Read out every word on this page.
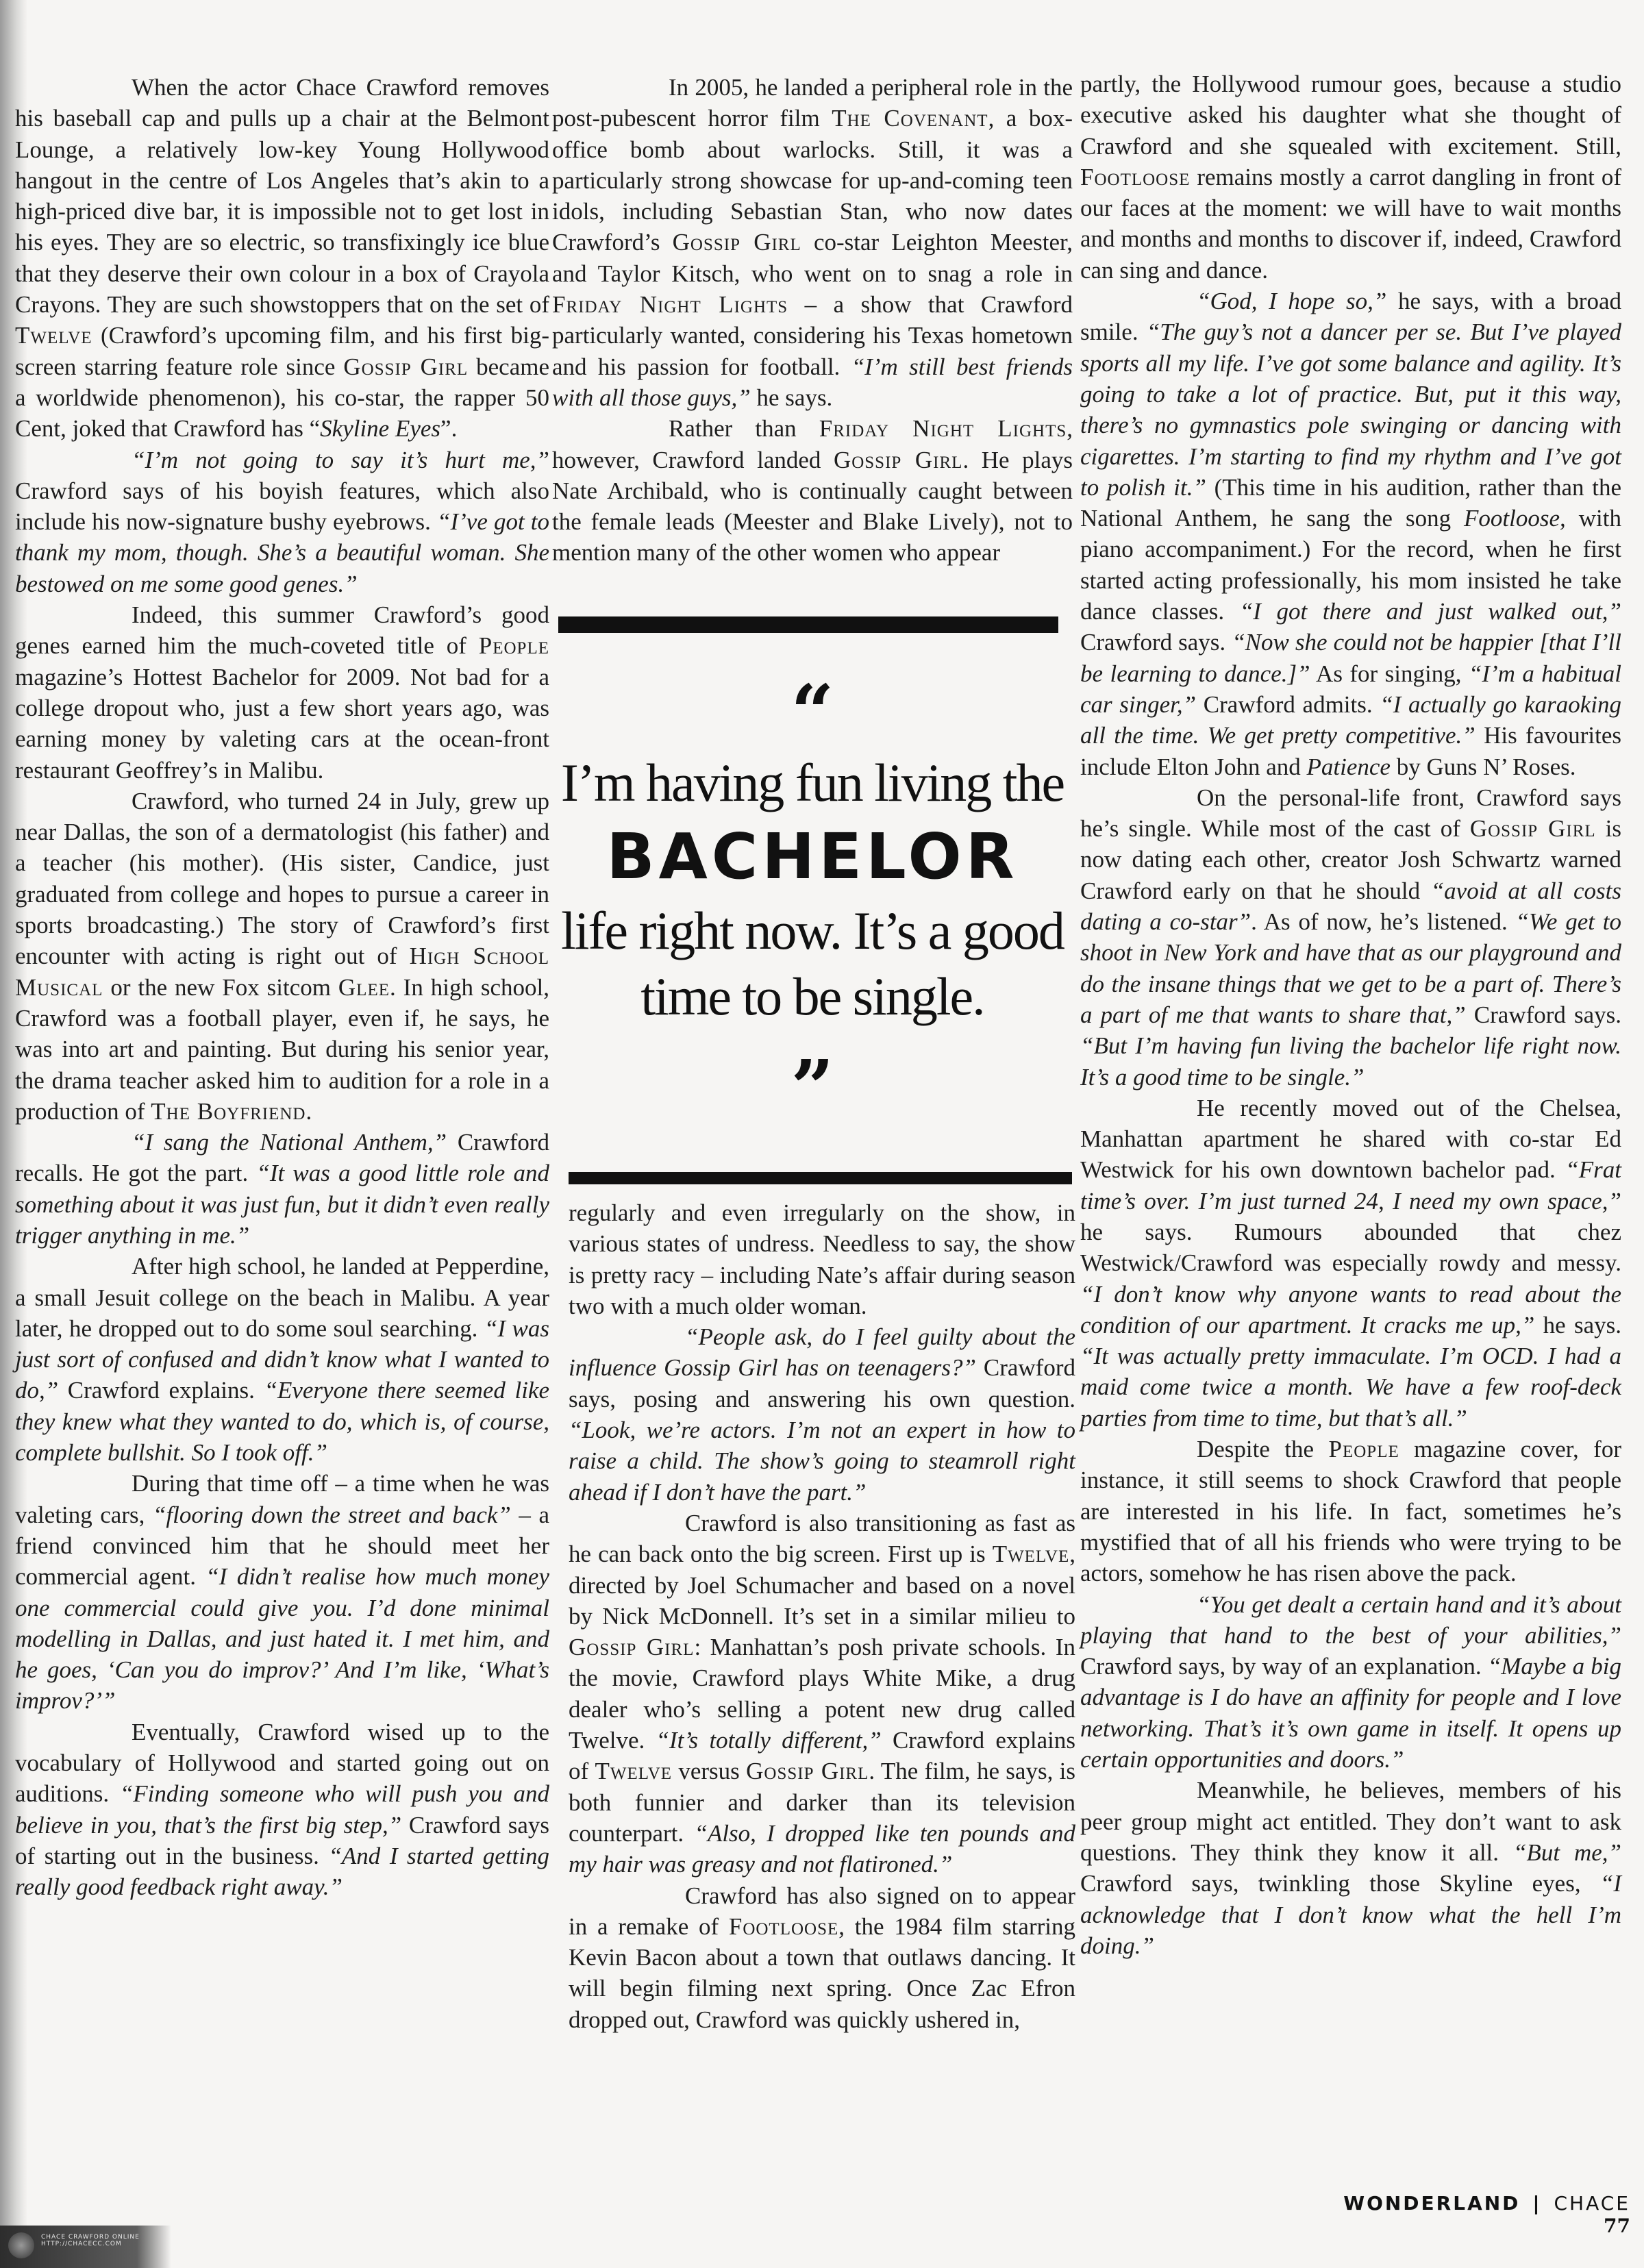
When the actor Chace Crawford removes his baseball cap and pulls up a chair at the Belmont Lounge, a relatively low-key Young Hollywood hangout in the centre of Los Angeles that’s akin to a high-priced dive bar, it is impossible not to get lost in his eyes. They are so electric, so transfixingly ice blue that they deserve their own colour in a box of Crayola Crayons. They are such showstoppers that on the set of Twelve (Crawford’s upcoming film, and his first big-screen starring feature role since Gossip Girl became a worldwide phenomenon), his co-star, the rapper 50 Cent, joked that Crawford has “Skyline Eyes”.

“I’m not going to say it’s hurt me,” Crawford says of his boyish features, which also include his now-signature bushy eyebrows. “I’ve got to thank my mom, though. She’s a beautiful woman. She bestowed on me some good genes.”

Indeed, this summer Crawford’s good genes earned him the much-coveted title of People magazine’s Hottest Bachelor for 2009. Not bad for a college dropout who, just a few short years ago, was earning money by valeting cars at the ocean-front restaurant Geoffrey’s in Malibu.

Crawford, who turned 24 in July, grew up near Dallas, the son of a dermatologist (his father) and a teacher (his mother). (His sister, Candice, just graduated from college and hopes to pursue a career in sports broadcasting.) The story of Crawford’s first encounter with acting is right out of High School Musical or the new Fox sitcom Glee. In high school, Crawford was a football player, even if, he says, he was into art and painting. But during his senior year, the drama teacher asked him to audition for a role in a production of The Boyfriend.

“I sang the National Anthem,” Crawford recalls. He got the part. “It was a good little role and something about it was just fun, but it didn’t even really trigger anything in me.”

After high school, he landed at Pepperdine, a small Jesuit college on the beach in Malibu. A year later, he dropped out to do some soul searching. “I was just sort of confused and didn’t know what I wanted to do,” Crawford explains. “Everyone there seemed like they knew what they wanted to do, which is, of course, complete bullshit. So I took off.”

During that time off – a time when he was valeting cars, “flooring down the street and back” – a friend convinced him that he should meet her commercial agent. “I didn’t realise how much money one commercial could give you. I’d done minimal modelling in Dallas, and just hated it. I met him, and he goes, ‘Can you do improv?’ And I’m like, ‘What’s improv?’”

Eventually, Crawford wised up to the vocabulary of Hollywood and started going out on auditions. “Finding someone who will push you and believe in you, that’s the first big step,” Crawford says of starting out in the business. “And I started getting really good feedback right away.”

In 2005, he landed a peripheral role in the post-pubescent horror film The Covenant, a box-office bomb about warlocks. Still, it was a particularly strong showcase for up-and-coming teen idols, including Sebastian Stan, who now dates Crawford’s Gossip Girl co-star Leighton Meester, and Taylor Kitsch, who went on to snag a role in Friday Night Lights – a show that Crawford particularly wanted, considering his Texas hometown and his passion for football. “I’m still best friends with all those guys,” he says.

Rather than Friday Night Lights, however, Crawford landed Gossip Girl. He plays Nate Archibald, who is continually caught between the female leads (Meester and Blake Lively), not to mention many of the other women who appear

“
I’m having fun living the
BACHELOR
life right now. It’s a good
time to be single.
”

regularly and even irregularly on the show, in various states of undress. Needless to say, the show is pretty racy – including Nate’s affair during season two with a much older woman.

“People ask, do I feel guilty about the influence Gossip Girl has on teenagers?” Crawford says, posing and answering his own question. “Look, we’re actors. I’m not an expert in how to raise a child. The show’s going to steamroll right ahead if I don’t have the part.”

Crawford is also transitioning as fast as he can back onto the big screen. First up is Twelve, directed by Joel Schumacher and based on a novel by Nick McDonnell. It’s set in a similar milieu to Gossip Girl: Manhattan’s posh private schools. In the movie, Crawford plays White Mike, a drug dealer who’s selling a potent new drug called Twelve. “It’s totally different,” Crawford explains of Twelve versus Gossip Girl. The film, he says, is both funnier and darker than its television counterpart. “Also, I dropped like ten pounds and my hair was greasy and not flatironed.”

Crawford has also signed on to appear in a remake of Footloose, the 1984 film starring Kevin Bacon about a town that outlaws dancing. It will begin filming next spring. Once Zac Efron dropped out, Crawford was quickly ushered in,

partly, the Hollywood rumour goes, because a studio executive asked his daughter what she thought of Crawford and she squealed with excitement. Still, Footloose remains mostly a carrot dangling in front of our faces at the moment: we will have to wait months and months and months to discover if, indeed, Crawford can sing and dance.

“God, I hope so,” he says, with a broad smile. “The guy’s not a dancer per se. But I’ve played sports all my life. I’ve got some balance and agility. It’s going to take a lot of practice. But, put it this way, there’s no gymnastics pole swinging or dancing with cigarettes. I’m starting to find my rhythm and I’ve got to polish it.” (This time in his audition, rather than the National Anthem, he sang the song Footloose, with piano accompaniment.) For the record, when he first started acting professionally, his mom insisted he take dance classes. “I got there and just walked out,” Crawford says. “Now she could not be happier [that I’ll be learning to dance.]” As for singing, “I’m a habitual car singer,” Crawford admits. “I actually go karaoking all the time. We get pretty competitive.” His favourites include Elton John and Patience by Guns N’ Roses.

On the personal-life front, Crawford says he’s single. While most of the cast of Gossip Girl is now dating each other, creator Josh Schwartz warned Crawford early on that he should “avoid at all costs dating a co-star”. As of now, he’s listened. “We get to shoot in New York and have that as our playground and do the insane things that we get to be a part of. There’s a part of me that wants to share that,” Crawford says. “But I’m having fun living the bachelor life right now. It’s a good time to be single.”

He recently moved out of the Chelsea, Manhattan apartment he shared with co-star Ed Westwick for his own downtown bachelor pad. “Frat time’s over. I’m just turned 24, I need my own space,” he says. Rumours abounded that chez Westwick/Crawford was especially rowdy and messy. “I don’t know why anyone wants to read about the condition of our apartment. It cracks me up,” he says. “It was actually pretty immaculate. I’m OCD. I had a maid come twice a month. We have a few roof-deck parties from time to time, but that’s all.”

Despite the People magazine cover, for instance, it still seems to shock Crawford that people are interested in his life. In fact, sometimes he’s mystified that of all his friends who were trying to be actors, somehow he has risen above the pack.

“You get dealt a certain hand and it’s about playing that hand to the best of your abilities,” Crawford says, by way of an explanation. “Maybe a big advantage is I do have an affinity for people and I love networking. That’s it’s own game in itself. It opens up certain opportunities and doors.”

Meanwhile, he believes, members of his peer group might act entitled. They don’t want to ask questions. They think they know it all. “But me,” Crawford says, twinkling those Skyline eyes, “I acknowledge that I don’t know what the hell I’m doing.”

WONDERLAND | CHACE 77
CHACE CRAWFORD ONLINE
HTTP://CHACECC.COM
